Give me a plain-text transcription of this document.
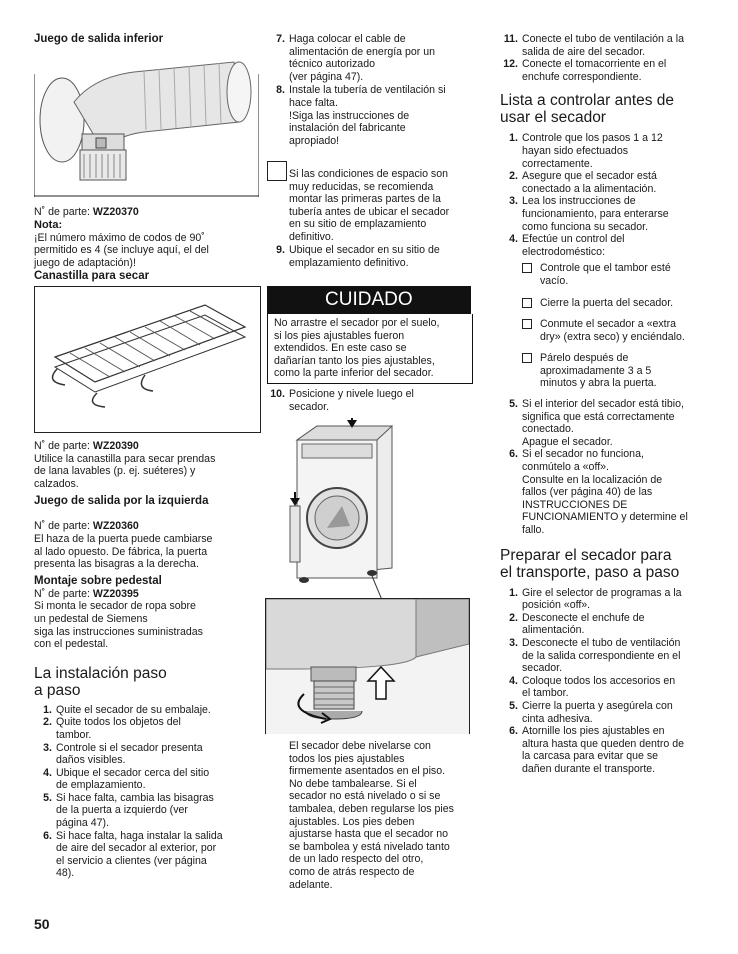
Juego de salida inferior
N˚ de parte: WZ20370
Nota:
¡El número máximo de codos de 90˚
permitido es 4 (se incluye aquí, el del
juego de adaptación)!
Canastilla para secar
N˚ de parte: WZ20390
Utilice la canastilla para secar prendas
de lana lavables (p. ej. suéteres) y
calzados.
Juego de salida por la izquierda
N˚ de parte: WZ20360
El haza de la puerta puede cambiarse
al lado opuesto. De fábrica, la puerta
presenta las bisagras a la derecha.
Montaje sobre pedestal
N˚ de parte: WZ20395
Si monta le secador de ropa sobre
un pedestal de Siemens
siga las instrucciones suministradas
con el pedestal.
La instalación paso
a paso
1. Quite el secador de su embalaje.
2. Quite todos los objetos del
tambor.
3. Controle si el secador presenta
daños visibles.
4. Ubique el secador cerca del sitio
de emplazamiento.
5. Si hace falta, cambia las bisagras
de la puerta a izquierdo (ver
página 47).
6. Si hace falta, haga instalar la salida
de aire del secador al exterior, por
el servicio a clientes (ver página
48).
50
7. Haga colocar el cable de
alimentación de energía por un
técnico autorizado
(ver página 47).
8. Instale la tubería de ventilación si
hace falta.
!Siga las instrucciones de
instalación del fabricante
apropiado!
Si las condiciones de espacio son
muy reducidas, se recomienda
montar las primeras partes de la
tubería antes de ubicar el secador
en su sitio de emplazamiento
definitivo.
9. Ubique el secador en su sitio de
emplazamiento definitivo.
CUIDADO
No arrastre el secador por el suelo,
si los pies ajustables fueron
extendidos. En este caso se
dañarían tanto los pies ajustables,
como la parte inferior del secador.
10. Posicione y nivele luego el
secador.
El secador debe nivelarse con
todos los pies ajustables
firmemente asentados en el piso.
No debe tambalearse. Si el
secador no está nivelado o si se
tambalea, deben regularse los pies
ajustables. Los pies deben
ajustarse hasta que el secador no
se bambolea y está nivelado tanto
de un lado respecto del otro,
como de atrás respecto de
adelante.
11. Conecte el tubo de ventilación a la
salida de aire del secador.
12. Conecte el tomacorriente en el
enchufe correspondiente.
Lista a controlar antes de
usar el secador
1. Controle que los pasos 1 a 12
hayan sido efectuados
correctamente.
2. Asegure que el secador está
conectado a la alimentación.
3. Lea los instrucciones de
funcionamiento, para enterarse
como funciona su secador.
4. Efectúe un control del
electrodoméstico:
Controle que el tambor esté
vacío.
Cierre la puerta del secador.
Conmute el secador a «extra
dry» (extra seco) y enciéndalo.
Párelo después de
aproximadamente 3 a 5
minutos y abra la puerta.
5. Si el interior del secador está tibio,
significa que está correctamente
conectado.
Apague el secador.
6. Si el secador no funciona,
conmútelo a «off».
Consulte en la localización de
fallos (ver página 40) de las
INSTRUCCIONES DE
FUNCIONAMIENTO y determine el
fallo.
Preparar el secador para
el transporte, paso a paso
1. Gire el selector de programas a la
posición «off».
2. Desconecte el enchufe de
alimentación.
3. Desconecte el tubo de ventilación
de la salida correspondiente en el
secador.
4. Coloque todos los accesorios en
el tambor.
5. Cierre la puerta y asegúrela con
cinta adhesiva.
6. Atornille los pies ajustables en
altura hasta que queden dentro de
la carcasa para evitar que se
dañen durante el transporte.
